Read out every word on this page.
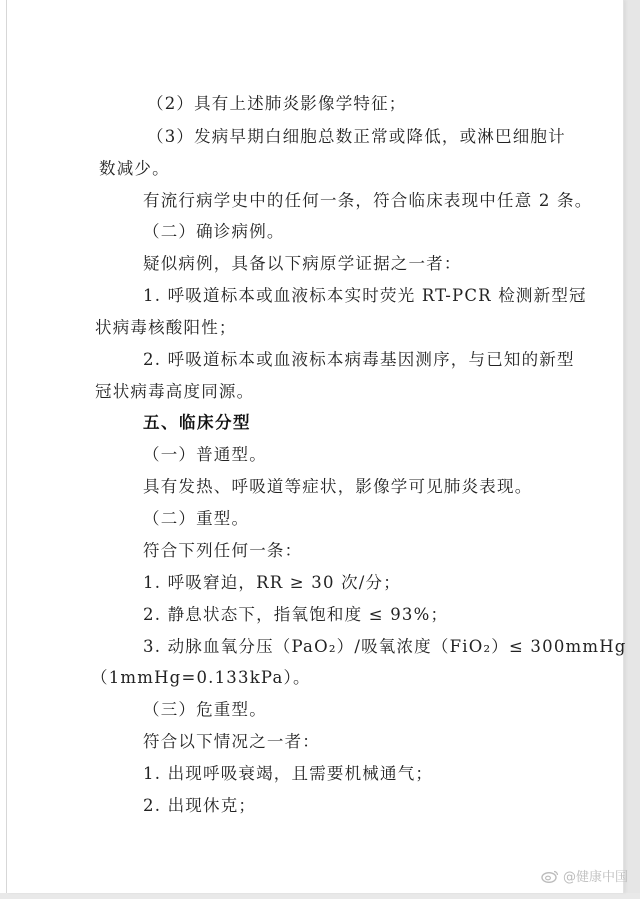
（2）具有上述肺炎影像学特征；
（3）发病早期白细胞总数正常或降低，或淋巴细胞计
数减少。
有流行病学史中的任何一条，符合临床表现中任意 2 条。
（二）确诊病例。
疑似病例，具备以下病原学证据之一者：
1. 呼吸道标本或血液标本实时荧光 RT-PCR 检测新型冠
状病毒核酸阳性；
2. 呼吸道标本或血液标本病毒基因测序，与已知的新型
冠状病毒高度同源。
五、临床分型
（一）普通型。
具有发热、呼吸道等症状，影像学可见肺炎表现。
（二）重型。
符合下列任何一条：
1. 呼吸窘迫，RR ≥ 30 次/分；
2. 静息状态下，指氧饱和度 ≤ 93%；
3. 动脉血氧分压（PaO₂）/吸氧浓度（FiO₂）≤ 300mmHg
（1mmHg=0.133kPa）。
（三）危重型。
符合以下情况之一者：
1. 出现呼吸衰竭，且需要机械通气；
2. 出现休克；
@健康中国
